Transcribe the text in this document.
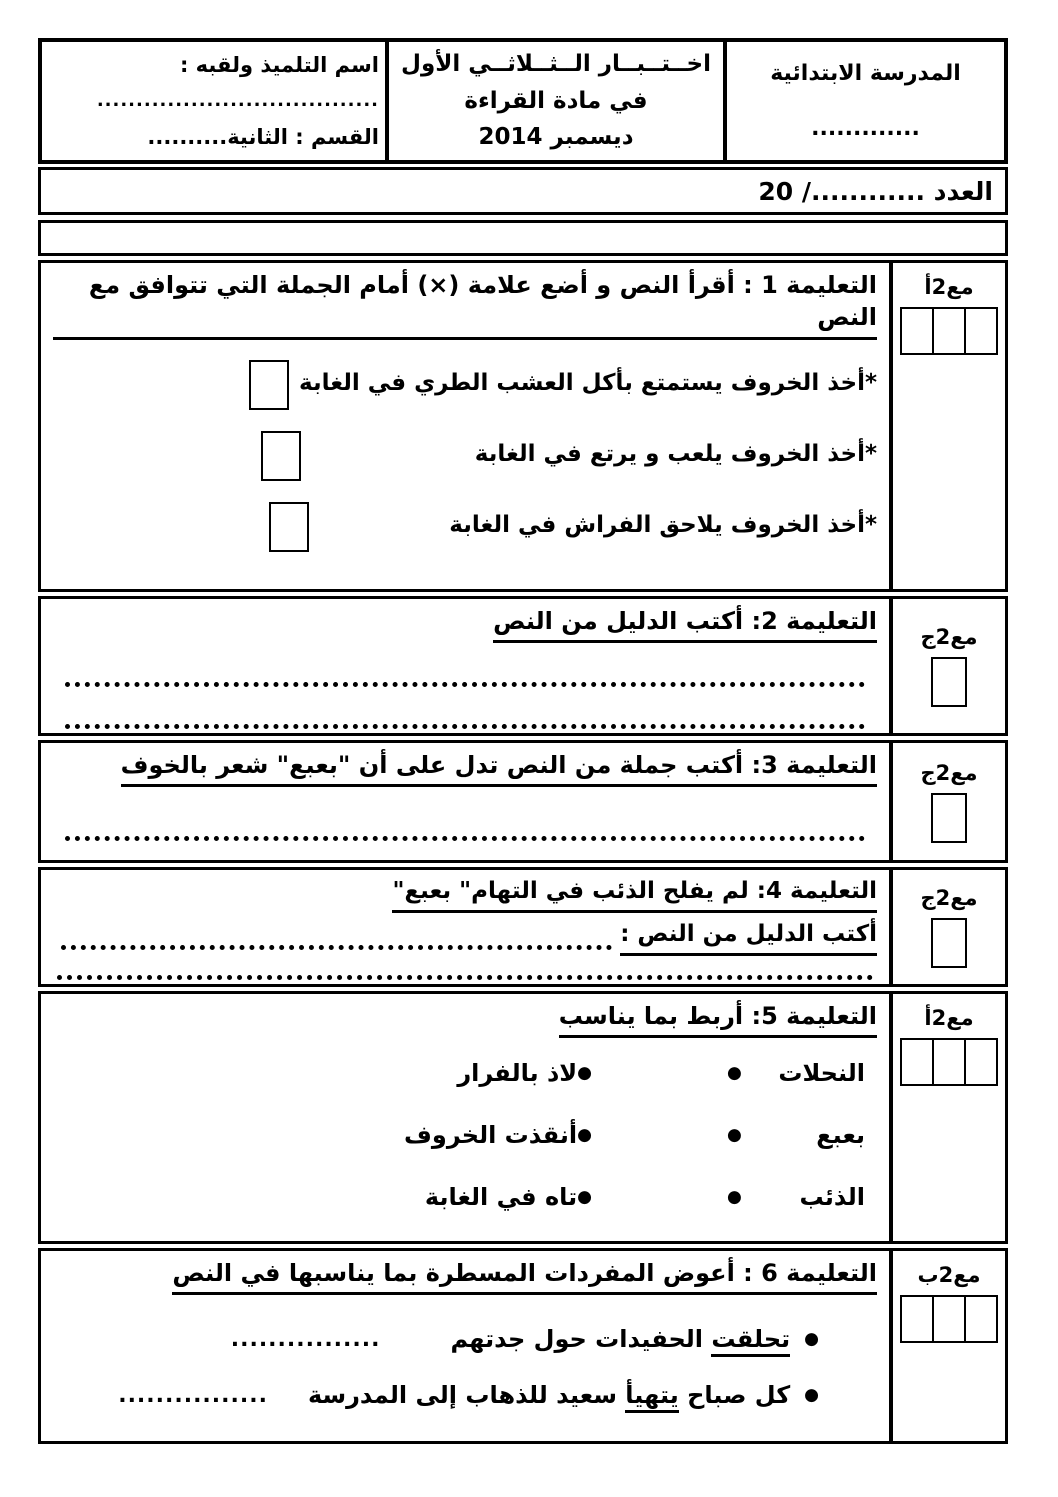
المدرسة الابتدائية
.............
اخــتــبــار الــثــلاثــي الأول
في مادة القراءة
ديسمبر 2014
اسم التلميذ ولقبه :
....................................
القسم : الثانية..........
العدد ............/ 20
التعليمة 1 : أقرأ النص و أضع علامة (×) أمام الجملة التي تتوافق مع النص
*أخذ الخروف يستمتع بأكل العشب الطري في الغابة
*أخذ الخروف يلعب و يرتع في الغابة
*أخذ الخروف يلاحق الفراش في الغابة
مع2أ
التعليمة 2: أكتب الدليل من النص
مع2ج
التعليمة 3: أكتب جملة من النص تدل على أن "بعبع" شعر بالخوف مع2ج
التعليمة 4: لم يفلح الذئب في التهام" بعبع"
أكتب الدليل من النص :
مع2ج
التعليمة 5: أربط بما يناسب
النحلات
●
●
لاذ بالفرار
بعبع
●
●
أنقذت الخروف
الذئب
●
●
تاه في الغابة
مع2أ
التعليمة 6 : أعوض المفردات المسطرة بما يناسبها في النص
●
تحلقت الحفيدات حول جدتهم
................
●
كل صباح يتهيأ سعيد للذهاب إلى المدرسة
................
مع2ب
